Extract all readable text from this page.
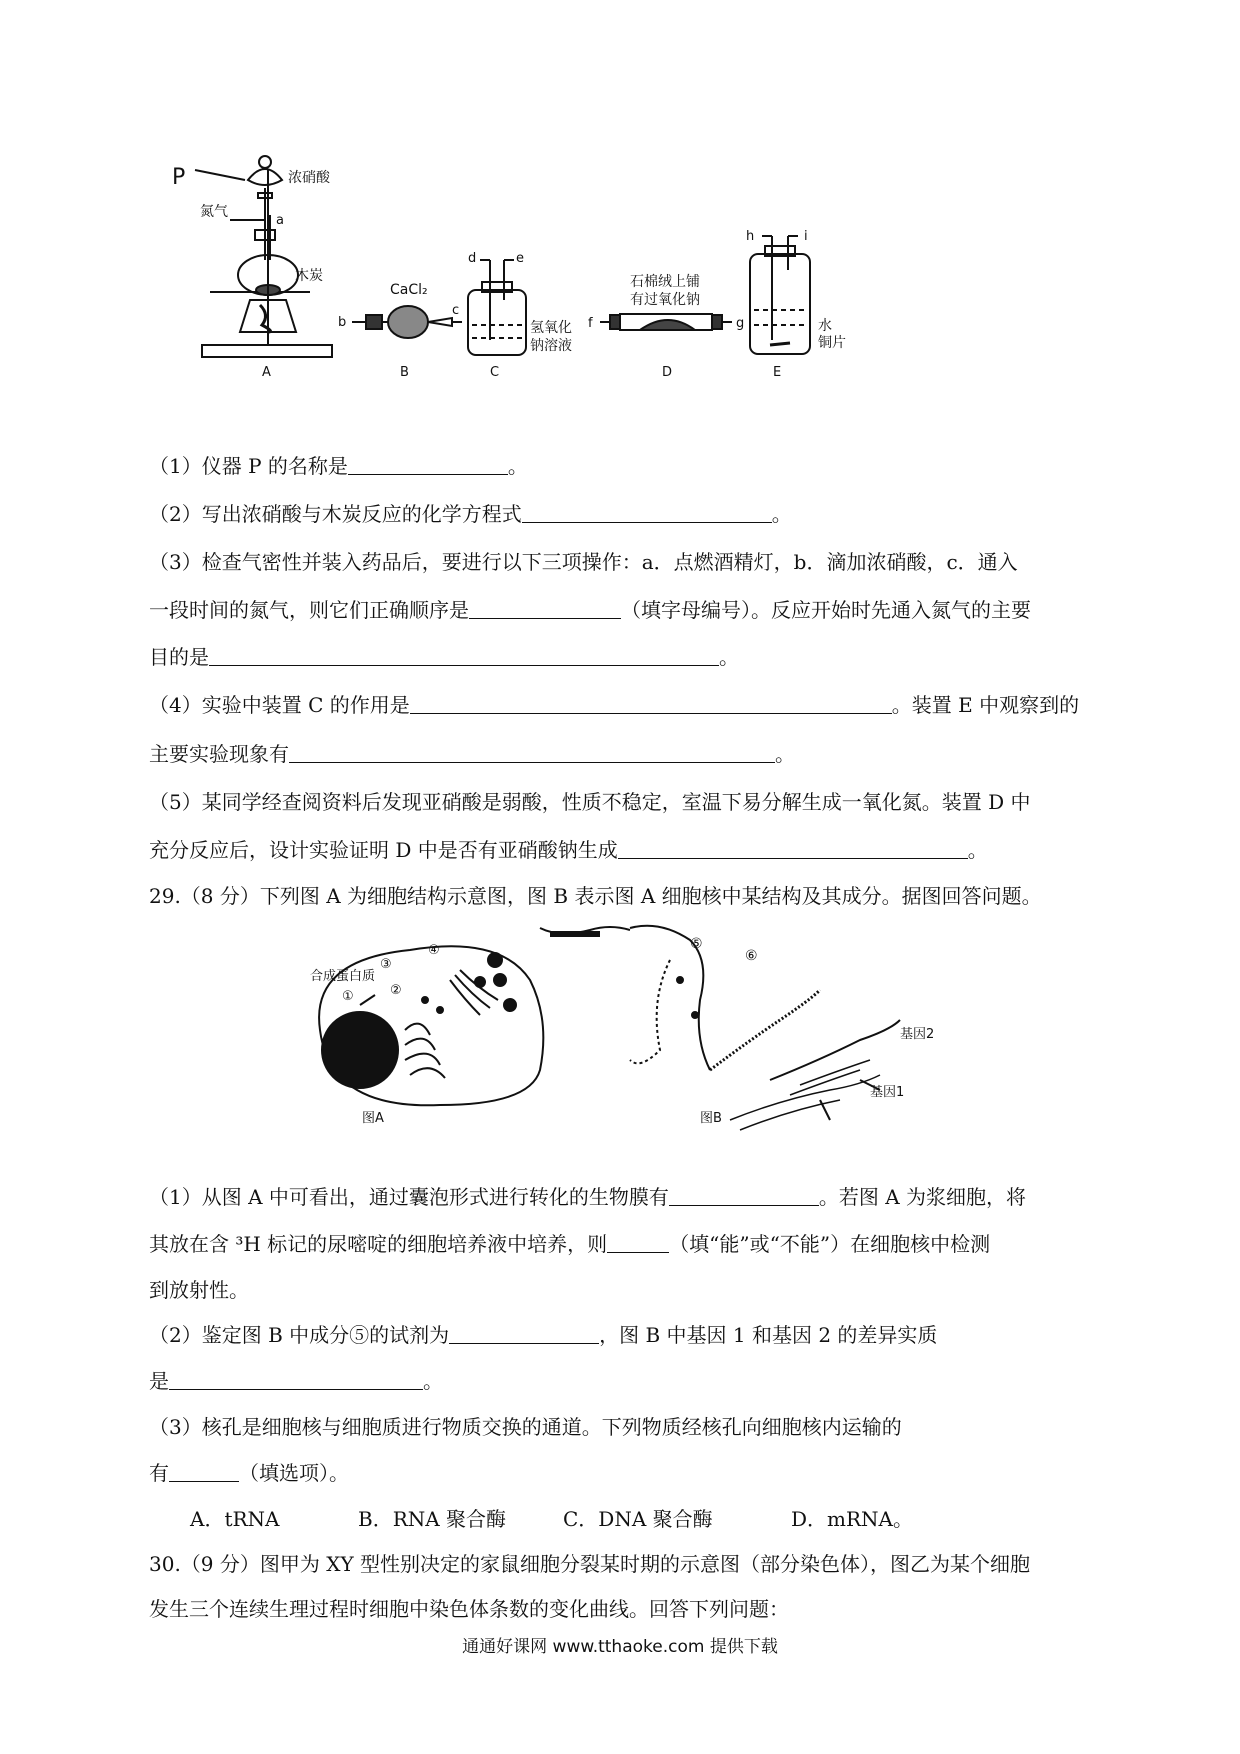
P	浓硝酸
氮气
a
木炭
A
CaCl₂
b
c
B
d	e
氢氧化
钠溶液
C
石棉绒上铺
有过氧化钠
f	g
D
h	i
水
铜片
E
（1）仪器 P 的名称是	。
（2）写出浓硝酸与木炭反应的化学方程式	。
（3）检查气密性并装入药品后，要进行以下三项操作：a．点燃酒精灯，b．滴加浓硝酸，c．通入
一段时间的氮气，则它们正确顺序是	（填字母编号）。反应开始时先通入氮气的主要
目的是	。
（4）实验中装置 C 的作用是	。装置 E 中观察到的
主要实验现象有	。
（5）某同学经查阅资料后发现亚硝酸是弱酸，性质不稳定，室温下易分解生成一氧化氮。装置 D 中
充分反应后，设计实验证明 D 中是否有亚硝酸钠生成	。
29.（8 分）下列图 A 为细胞结构示意图，图 B 表示图 A 细胞核中某结构及其成分。据图回答问题。
合成蛋白质
①	②
③
④
图A
⑤
⑥
基因2
基因1
图B
（1）从图 A 中可看出，通过囊泡形式进行转化的生物膜有	。若图 A 为浆细胞，将
其放在含 ³H 标记的尿嘧啶的细胞培养液中培养，则	（填“能”或“不能”）在细胞核中检测
到放射性。
（2）鉴定图 B 中成分⑤的试剂为	，图 B 中基因 1 和基因 2 的差异实质
是	。
（3）核孔是细胞核与细胞质进行物质交换的通道。下列物质经核孔向细胞核内运输的
有	（填选项）。
A．tRNA	B．RNA 聚合酶	C．DNA 聚合酶	D．mRNA。
30.（9 分）图甲为 XY 型性别决定的家鼠细胞分裂某时期的示意图（部分染色体），图乙为某个细胞
发生三个连续生理过程时细胞中染色体条数的变化曲线。回答下列问题：
通通好课网 www.tthaoke.com 提供下载
